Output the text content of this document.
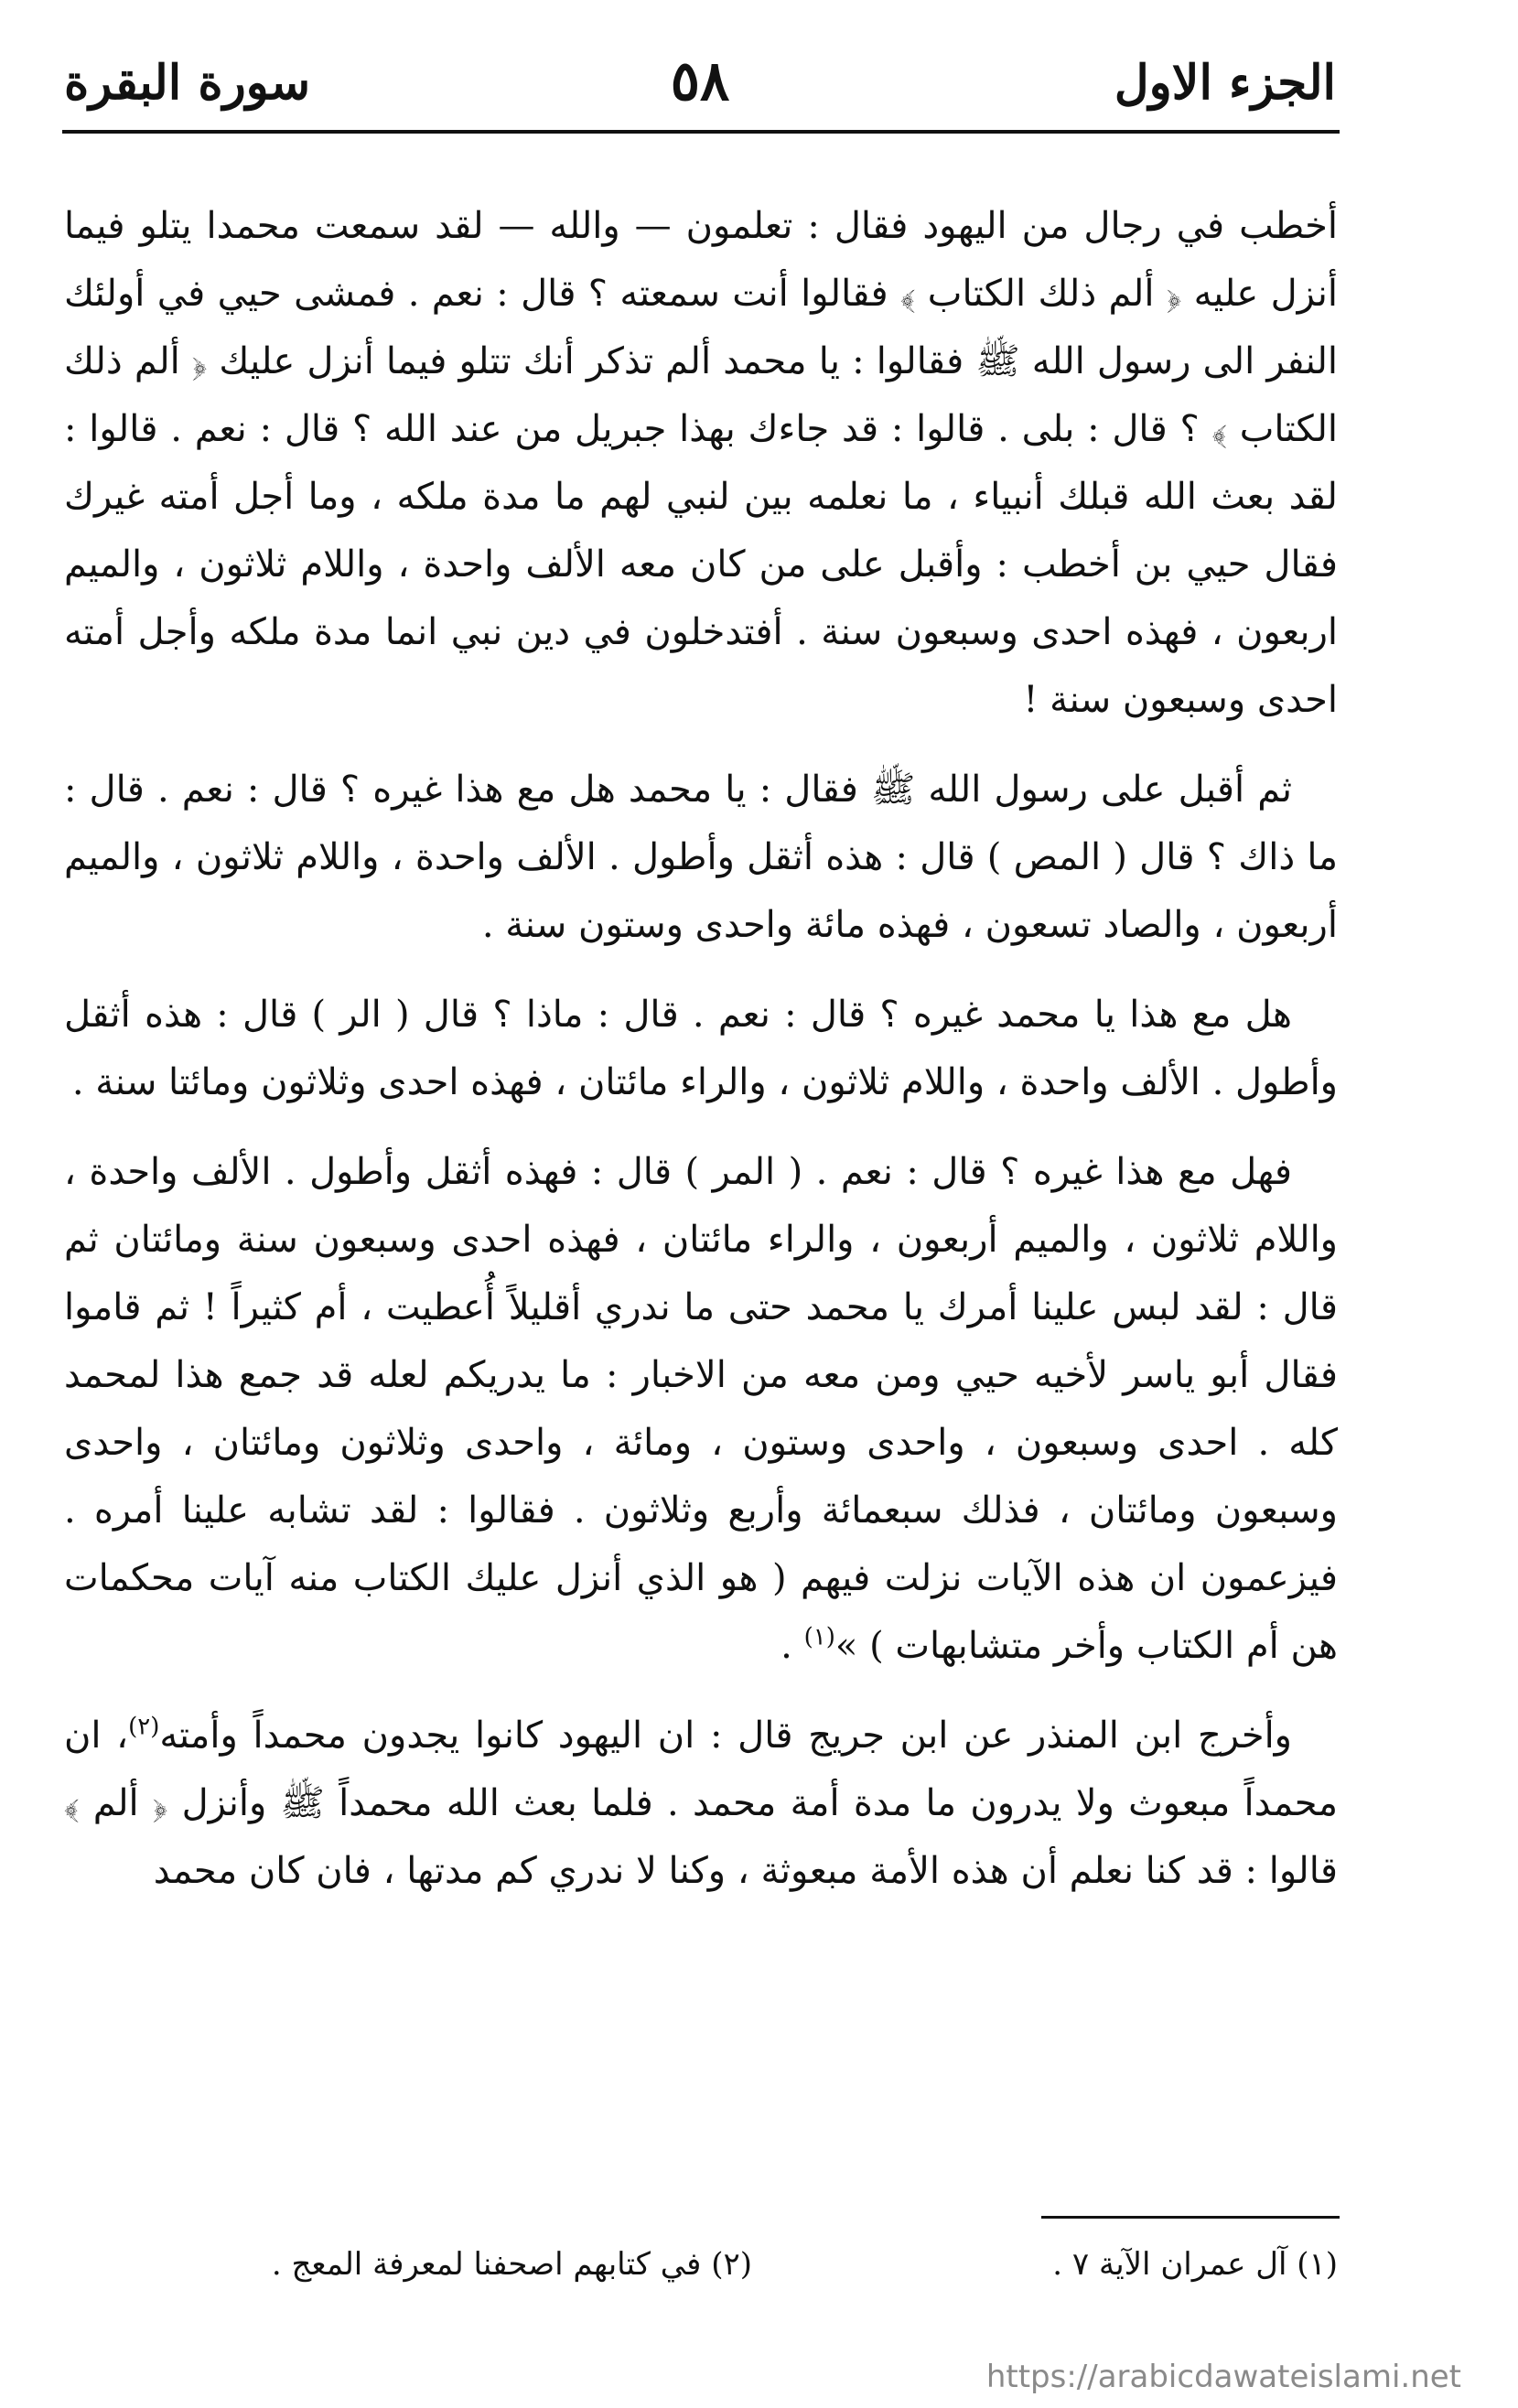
الجزء الاول
٥٨
سورة البقرة

أخطب في رجال من اليهود فقال : تعلمون — والله — لقد سمعت محمدا يتلو فيما أنزل عليه ﴿ ألم ذلك الكتاب ﴾ فقالوا أنت سمعته ؟ قال : نعم . فمشى حيي في أولئك النفر الى رسول الله ﷺ فقالوا : يا محمد ألم تذكر أنك تتلو فيما أنزل عليك ﴿ ألم ذلك الكتاب ﴾ ؟ قال : بلى . قالوا : قد جاءك بهذا جبريل من عند الله ؟ قال : نعم . قالوا : لقد بعث الله قبلك أنبياء ، ما نعلمه بين لنبي لهم ما مدة ملكه ، وما أجل أمته غيرك فقال حيي بن أخطب : وأقبل على من كان معه الألف واحدة ، واللام ثلاثون ، والميم اربعون ، فهذه احدى وسبعون سنة . أفتدخلون في دين نبي انما مدة ملكه وأجل أمته احدى وسبعون سنة !

ثم أقبل على رسول الله ﷺ فقال : يا محمد هل مع هذا غيره ؟ قال : نعم . قال : ما ذاك ؟ قال ( المص ) قال : هذه أثقل وأطول . الألف واحدة ، واللام ثلاثون ، والميم أربعون ، والصاد تسعون ، فهذه مائة واحدى وستون سنة .

هل مع هذا يا محمد غيره ؟ قال : نعم . قال : ماذا ؟ قال ( الر ) قال : هذه أثقل وأطول . الألف واحدة ، واللام ثلاثون ، والراء مائتان ، فهذه احدى وثلاثون ومائتا سنة .

فهل مع هذا غيره ؟ قال : نعم . ( المر ) قال : فهذه أثقل وأطول . الألف واحدة ، واللام ثلاثون ، والميم أربعون ، والراء مائتان ، فهذه احدى وسبعون سنة ومائتان ثم قال : لقد لبس علينا أمرك يا محمد حتى ما ندري أقليلاً أُعطيت ، أم كثيراً ! ثم قاموا فقال أبو ياسر لأخيه حيي ومن معه من الاخبار : ما يدريكم لعله قد جمع هذا لمحمد كله . احدى وسبعون ، واحدى وستون ، ومائة ، واحدى وثلاثون ومائتان ، واحدى وسبعون ومائتان ، فذلك سبعمائة وأربع وثلاثون . فقالوا : لقد تشابه علينا أمره . فيزعمون ان هذه الآيات نزلت فيهم ( هو الذي أنزل عليك الكتاب منه آيات محكمات هن أم الكتاب وأخر متشابهات ) »$^{(١)}$ .

وأخرج ابن المنذر عن ابن جريج قال : ان اليهود كانوا يجدون محمداً وأمته$^{(٢)}$، ان محمداً مبعوث ولا يدرون ما مدة أمة محمد . فلما بعث الله محمداً ﷺ وأنزل ﴿ ألم ﴾ قالوا : قد كنا نعلم أن هذه الأمة مبعوثة ، وكنا لا ندري كم مدتها ، فان كان محمد

(١) آل عمران الآية ٧ .
(٢) في كتابهم اصحفنا لمعرفة المعج .
https://arabicdawateislami.net
